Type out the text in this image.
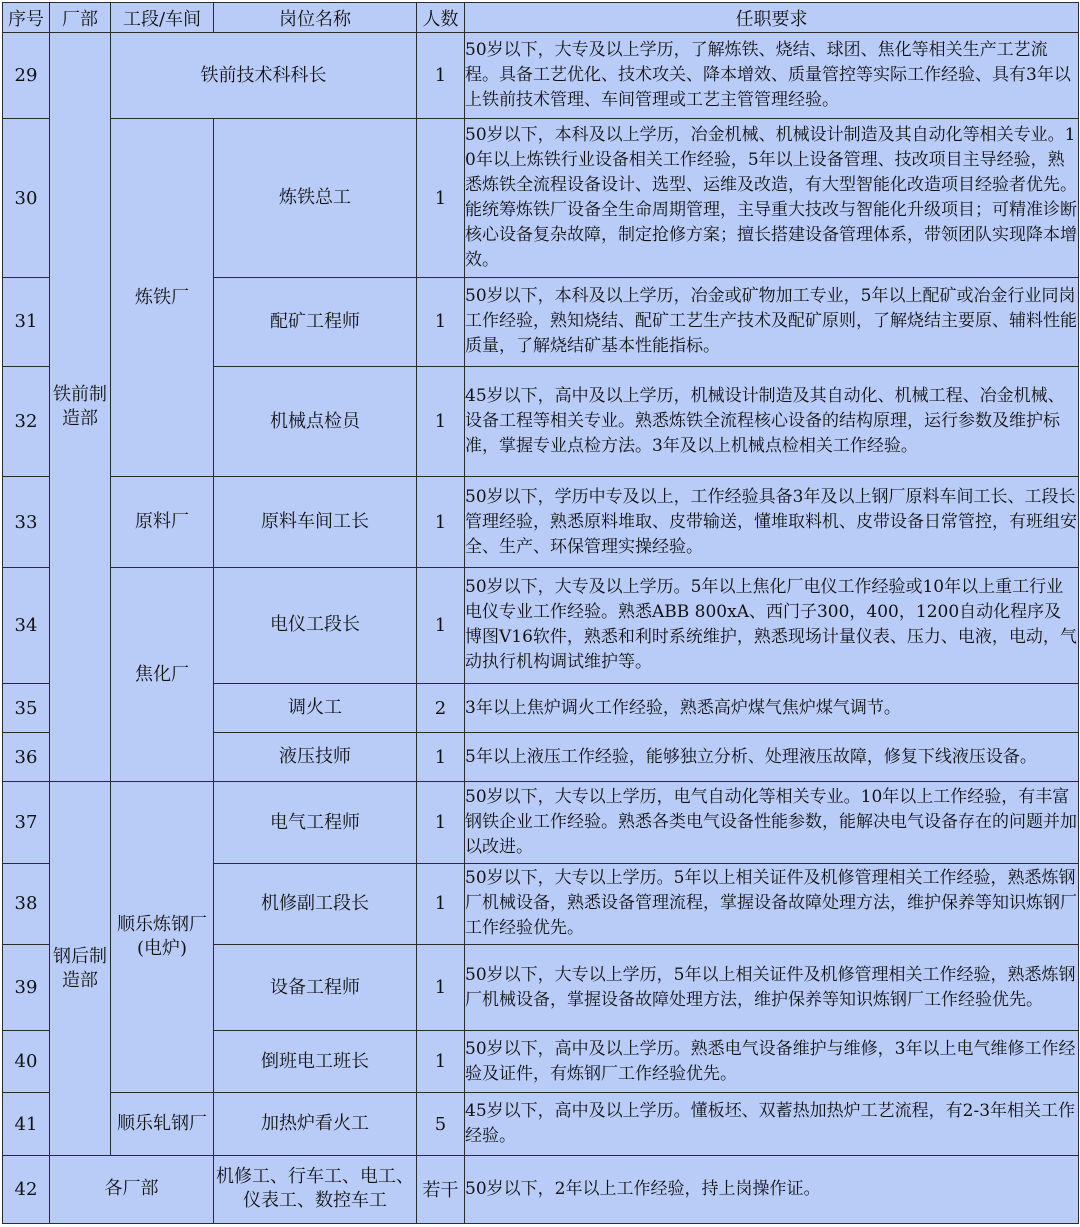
序号	厂部	工段/车间	岗位名称	人数	任职要求
29	铁前制造部	铁前技术科科长		1	50岁以下，大专及以上学历，了解炼铁、烧结、球团、焦化等相关生产工艺流程。具备工艺优化、技术攻关、降本增效、质量管控等实际工作经验、具有3年以上铁前技术管理、车间管理或工艺主管管理经验。
30		炼铁厂	炼铁总工	1	50岁以下，本科及以上学历，冶金机械、机械设计制造及其自动化等相关专业。10年以上炼铁行业设备相关工作经验，5年以上设备管理、技改项目主导经验，熟悉炼铁全流程设备设计、选型、运维及改造，有大型智能化改造项目经验者优先。能统筹炼铁厂设备全生命周期管理，主导重大技改与智能化升级项目；可精准诊断核心设备复杂故障，制定抢修方案；擅长搭建设备管理体系，带领团队实现降本增效。
31			配矿工程师	1	50岁以下，本科及以上学历，冶金或矿物加工专业，5年以上配矿或冶金行业同岗工作经验，熟知烧结、配矿工艺生产技术及配矿原则，了解烧结主要原、辅料性能质量，了解烧结矿基本性能指标。
32			机械点检员	1	45岁以下，高中及以上学历，机械设计制造及其自动化、机械工程、冶金机械、设备工程等相关专业。熟悉炼铁全流程核心设备的结构原理，运行参数及维护标准，掌握专业点检方法。3年及以上机械点检相关工作经验。
33		原料厂	原料车间工长	1	50岁以下，学历中专及以上，工作经验具备3年及以上钢厂原料车间工长、工段长管理经验，熟悉原料堆取、皮带输送，懂堆取料机、皮带设备日常管控，有班组安全、生产、环保管理实操经验。
34		焦化厂	电仪工段长	1	50岁以下，大专及以上学历。5年以上焦化厂电仪工作经验或10年以上重工行业电仪专业工作经验。熟悉ABB 800xA、西门子300，400，1200自动化程序及博图V16软件，熟悉和利时系统维护，熟悉现场计量仪表、压力、电液，电动，气动执行机构调试维护等。
35			调火工	2	3年以上焦炉调火工作经验，熟悉高炉煤气焦炉煤气调节。
36			液压技师	1	5年以上液压工作经验，能够独立分析、处理液压故障，修复下线液压设备。
37	钢后制造部	顺乐炼钢厂(电炉)	电气工程师	1	50岁以下，大专以上学历，电气自动化等相关专业。10年以上工作经验，有丰富钢铁企业工作经验。熟悉各类电气设备性能参数，能解决电气设备存在的问题并加以改进。
38			机修副工段长	1	50岁以下，大专以上学历。5年以上相关证件及机修管理相关工作经验，熟悉炼钢厂机械设备，熟悉设备管理流程，掌握设备故障处理方法，维护保养等知识炼钢厂工作经验优先。
39			设备工程师	1	50岁以下，大专以上学历，5年以上相关证件及机修管理相关工作经验，熟悉炼钢厂机械设备，掌握设备故障处理方法，维护保养等知识炼钢厂工作经验优先。
40			倒班电工班长	1	50岁以下，高中及以上学历。熟悉电气设备维护与维修，3年以上电气维修工作经验及证件，有炼钢厂工作经验优先。
41		顺乐轧钢厂	加热炉看火工	5	45岁以下，高中及以上学历。懂板坯、双蓄热加热炉工艺流程，有2-3年相关工作经验。
42	各厂部		机修工、行车工、电工、仪表工、数控车工	若干	50岁以下，2年以上工作经验，持上岗操作证。
